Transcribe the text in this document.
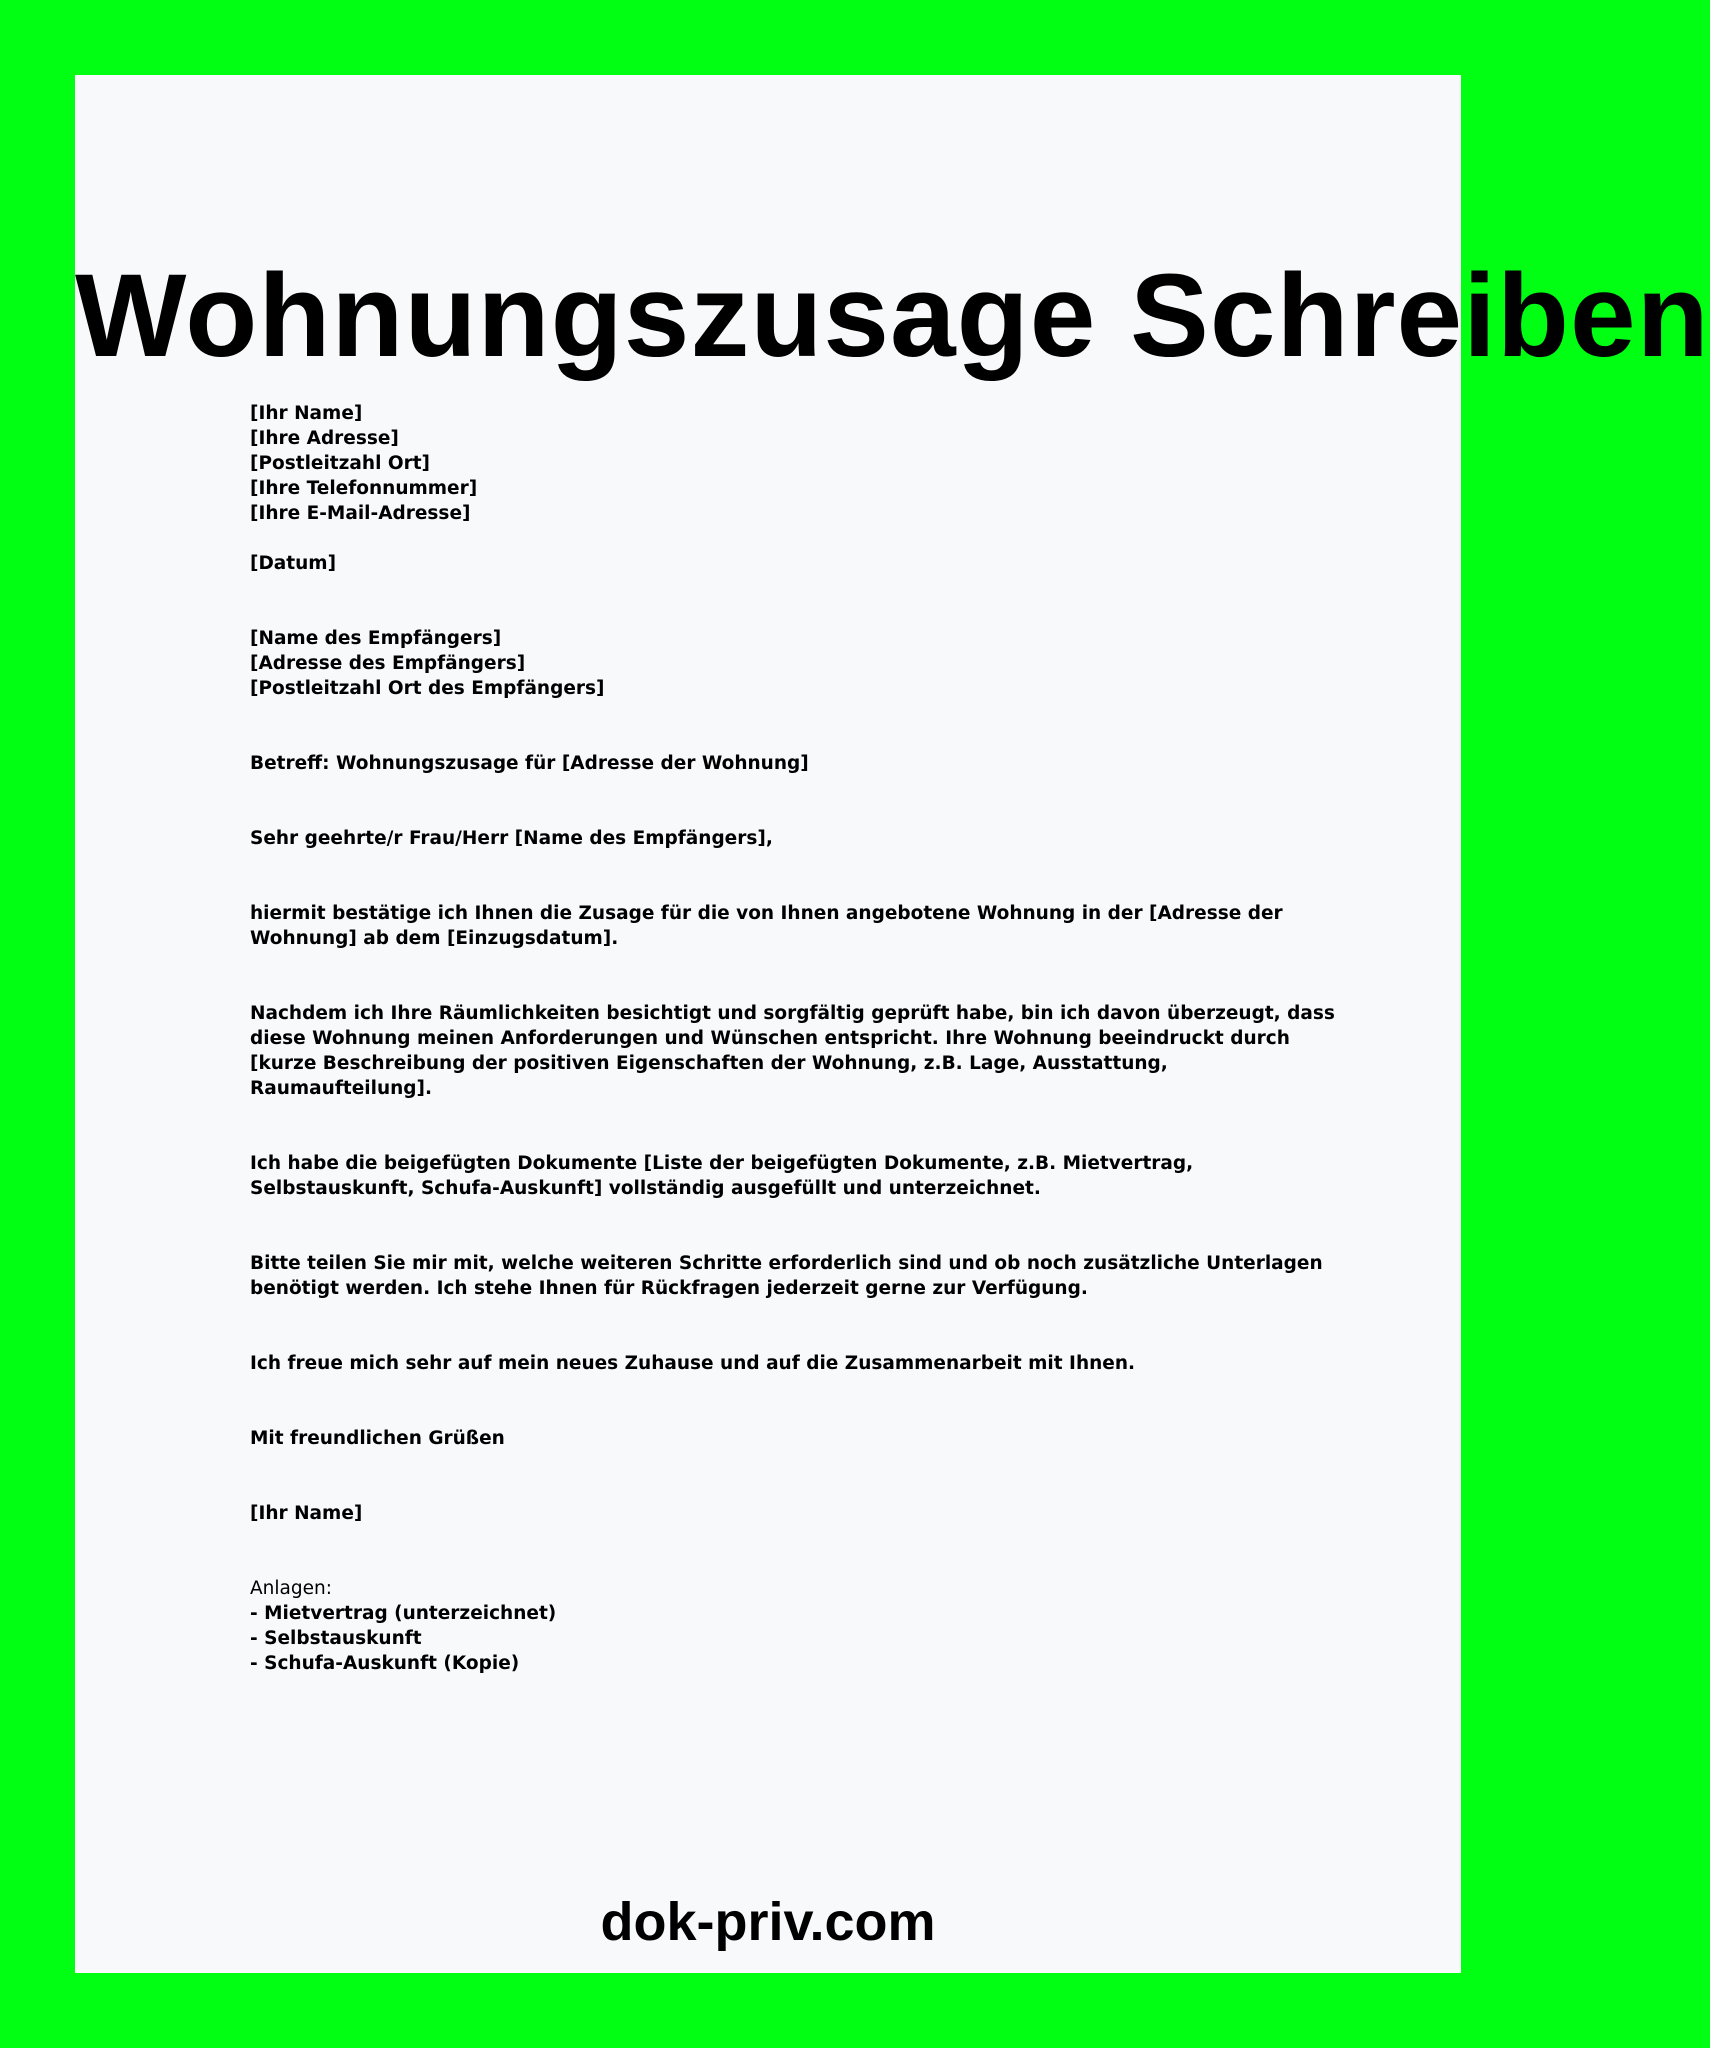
Wohnungszusage Schreiben
[Ihr Name]
[Ihre Adresse]
[Postleitzahl Ort]
[Ihre Telefonnummer]
[Ihre E-Mail-Adresse]
[Datum]
[Name des Empfängers]
[Adresse des Empfängers]
[Postleitzahl Ort des Empfängers]
Betreff: Wohnungszusage für [Adresse der Wohnung]
Sehr geehrte/r Frau/Herr [Name des Empfängers],
hiermit bestätige ich Ihnen die Zusage für die von Ihnen angebotene Wohnung in der [Adresse der Wohnung] ab dem [Einzugsdatum].
Nachdem ich Ihre Räumlichkeiten besichtigt und sorgfältig geprüft habe, bin ich davon überzeugt, dass diese Wohnung meinen Anforderungen und Wünschen entspricht. Ihre Wohnung beeindruckt durch [kurze Beschreibung der positiven Eigenschaften der Wohnung, z.B. Lage, Ausstattung, Raumaufteilung].
Ich habe die beigefügten Dokumente [Liste der beigefügten Dokumente, z.B. Mietvertrag, Selbstauskunft, Schufa-Auskunft] vollständig ausgefüllt und unterzeichnet.
Bitte teilen Sie mir mit, welche weiteren Schritte erforderlich sind und ob noch zusätzliche Unterlagen benötigt werden. Ich stehe Ihnen für Rückfragen jederzeit gerne zur Verfügung.
Ich freue mich sehr auf mein neues Zuhause und auf die Zusammenarbeit mit Ihnen.
Mit freundlichen Grüßen
[Ihr Name]
Anlagen:
- Mietvertrag (unterzeichnet)
- Selbstauskunft
- Schufa-Auskunft (Kopie)
dok-priv.com
